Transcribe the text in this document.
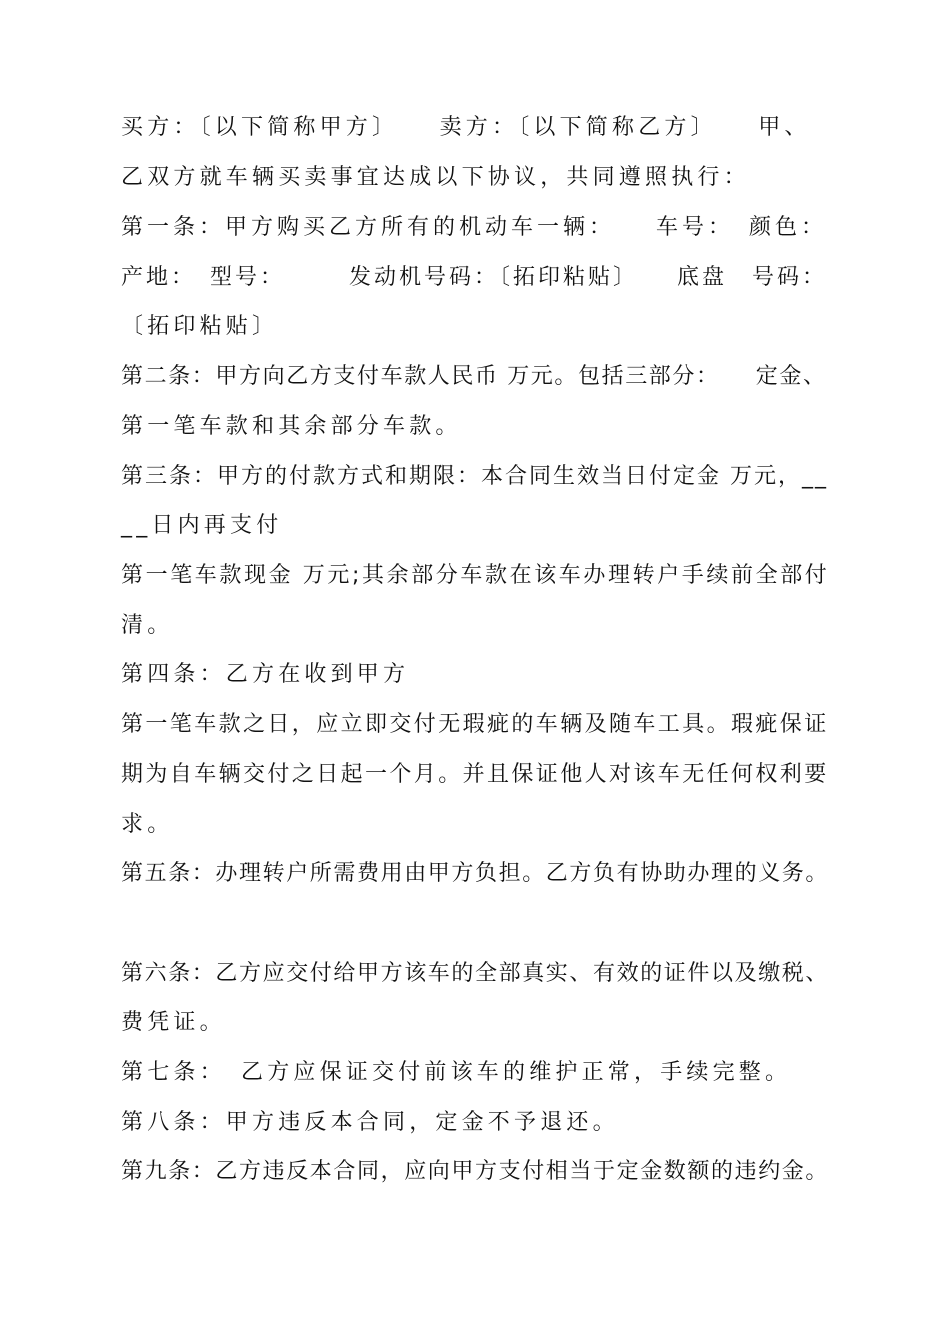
买方：〔以下简称甲方〕　　卖方：〔以下简称乙方〕　　甲、
乙双方就车辆买卖事宜达成以下协议，共同遵照执行：
第一条：甲方购买乙方所有的机动车一辆：　　车号：　颜色：
产地：　型号：　　　发动机号码：〔拓印粘贴〕　　底盘　号码：
〔拓印粘贴〕
第二条：甲方向乙方支付车款人民币 万元。包括三部分：　　定金、
第一笔车款和其余部分车款。
第三条：甲方的付款方式和期限：本合同生效当日付定金 万元，__
__日内再支付
第一笔车款现金 万元;其余部分车款在该车办理转户手续前全部付
清。
第四条：乙方在收到甲方
第一笔车款之日，应立即交付无瑕疵的车辆及随车工具。瑕疵保证
期为自车辆交付之日起一个月。并且保证他人对该车无任何权利要
求。
第五条：办理转户所需费用由甲方负担。乙方负有协助办理的义务。
第六条：乙方应交付给甲方该车的全部真实、有效的证件以及缴税、
费凭证。
第七条：　乙方应保证交付前该车的维护正常，手续完整。
第八条：甲方违反本合同，定金不予退还。
第九条：乙方违反本合同，应向甲方支付相当于定金数额的违约金。
